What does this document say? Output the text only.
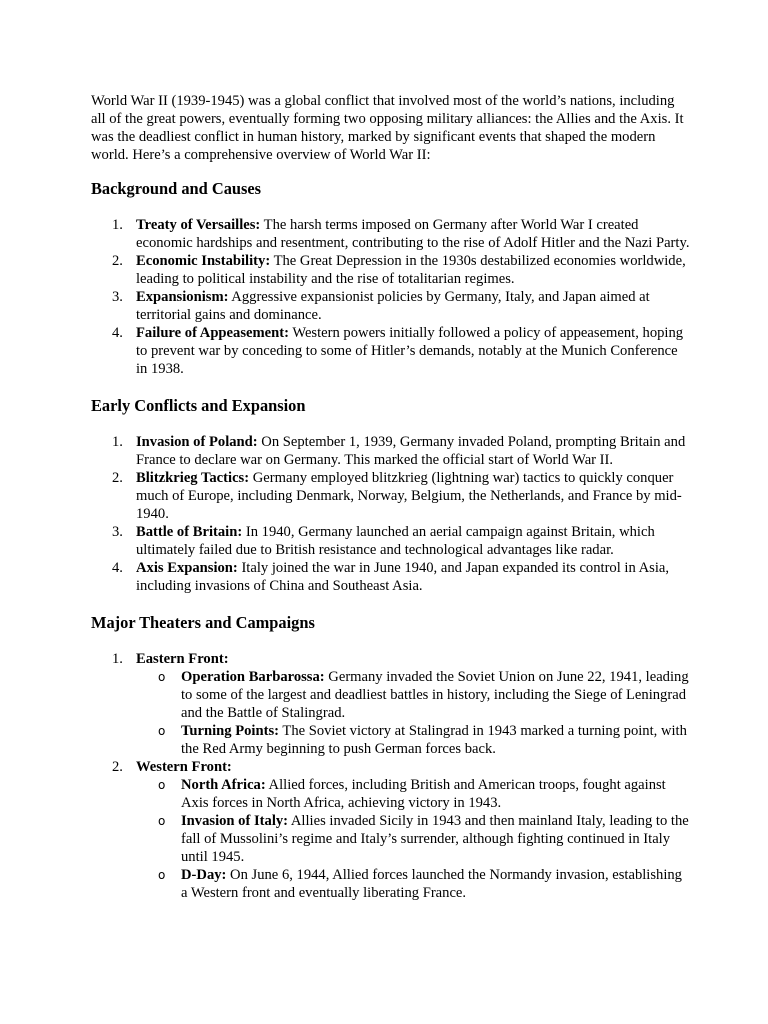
World War II (1939-1945) was a global conflict that involved most of the world’s nations, including all of the great powers, eventually forming two opposing military alliances: the Allies and the Axis. It was the deadliest conflict in human history, marked by significant events that shaped the modern world. Here’s a comprehensive overview of World War II:

Background and Causes
1. Treaty of Versailles: The harsh terms imposed on Germany after World War I created economic hardships and resentment, contributing to the rise of Adolf Hitler and the Nazi Party.
2. Economic Instability: The Great Depression in the 1930s destabilized economies worldwide, leading to political instability and the rise of totalitarian regimes.
3. Expansionism: Aggressive expansionist policies by Germany, Italy, and Japan aimed at territorial gains and dominance.
4. Failure of Appeasement: Western powers initially followed a policy of appeasement, hoping to prevent war by conceding to some of Hitler’s demands, notably at the Munich Conference in 1938.
Early Conflicts and Expansion
1. Invasion of Poland: On September 1, 1939, Germany invaded Poland, prompting Britain and France to declare war on Germany. This marked the official start of World War II.
2. Blitzkrieg Tactics: Germany employed blitzkrieg (lightning war) tactics to quickly conquer much of Europe, including Denmark, Norway, Belgium, the Netherlands, and France by mid-1940.
3. Battle of Britain: In 1940, Germany launched an aerial campaign against Britain, which ultimately failed due to British resistance and technological advantages like radar.
4. Axis Expansion: Italy joined the war in June 1940, and Japan expanded its control in Asia, including invasions of China and Southeast Asia.
Major Theaters and Campaigns
1. Eastern Front:
o Operation Barbarossa: Germany invaded the Soviet Union on June 22, 1941, leading to some of the largest and deadliest battles in history, including the Siege of Leningrad and the Battle of Stalingrad.
o Turning Points: The Soviet victory at Stalingrad in 1943 marked a turning point, with the Red Army beginning to push German forces back.
2. Western Front:
o North Africa: Allied forces, including British and American troops, fought against Axis forces in North Africa, achieving victory in 1943.
o Invasion of Italy: Allies invaded Sicily in 1943 and then mainland Italy, leading to the fall of Mussolini’s regime and Italy’s surrender, although fighting continued in Italy until 1945.
o D-Day: On June 6, 1944, Allied forces launched the Normandy invasion, establishing a Western front and eventually liberating France.
